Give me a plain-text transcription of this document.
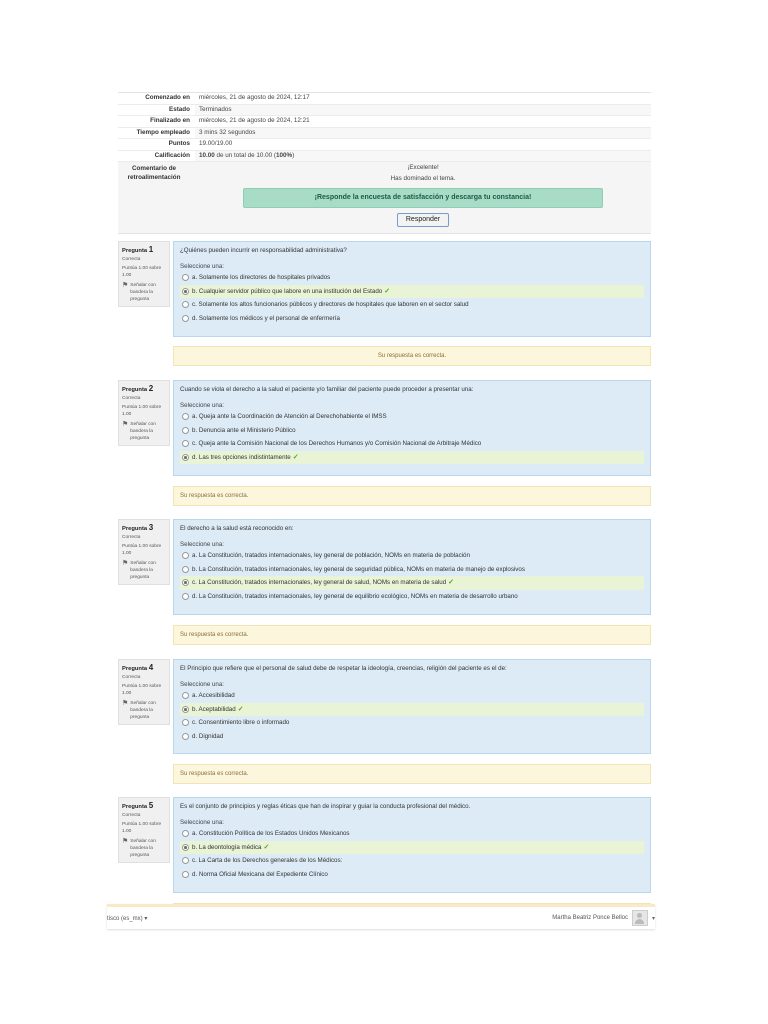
Comenzado en	miércoles, 21 de agosto de 2024, 12:17
Estado	Terminados
Finalizado en	miércoles, 21 de agosto de 2024, 12:21
Tiempo empleado	3 mins 32 segundos
Puntos	19.00/19.00
Calificación	10.00 de un total de 10.00 (100%)
Comentario de retroalimentación
¡Excelente!
Has dominado el tema.
¡Responde la encuesta de satisfacción y descarga tu constancia!
Responder
Pregunta 1
Correcta
Puntúa 1.00 sobre 1.00
⚑ Señalar con bandera la pregunta
¿Quiénes pueden incurrir en responsabilidad administrativa?
Seleccione una:
a. Solamente los directores de hospitales privados
b. Cualquier servidor público que labore en una institución del Estado ✓
c. Solamente los altos funcionarios públicos y directores de hospitales que laboren en el sector salud
d. Solamente los médicos y el personal de enfermería
Su respuesta es correcta.
Pregunta 2
Correcta
Puntúa 1.00 sobre 1.00
⚑ Señalar con bandera la pregunta
Cuando se viola el derecho a la salud el paciente y/o familiar del paciente puede proceder a presentar una:
Seleccione una:
a. Queja ante la Coordinación de Atención al Derechohabiente el IMSS
b. Denuncia ante el Ministerio Público
c. Queja ante la Comisión Nacional de los Derechos Humanos y/o Comisión Nacional de Arbitraje Médico
d. Las tres opciones indistintamente ✓
Su respuesta es correcta.
Pregunta 3
Correcta
Puntúa 1.00 sobre 1.00
⚑ Señalar con bandera la pregunta
El derecho a la salud está reconocido en:
Seleccione una:
a. La Constitución, tratados internacionales, ley general de población, NOMs en materia de población
b. La Constitución, tratados internacionales, ley general de seguridad pública, NOMs en materia de manejo de explosivos
c. La Constitución, tratados internacionales, ley general de salud, NOMs en materia de salud ✓
d. La Constitución, tratados internacionales, ley general de equilibrio ecológico, NOMs en materia de desarrollo urbano
Su respuesta es correcta.
Pregunta 4
Correcta
Puntúa 1.00 sobre 1.00
⚑ Señalar con bandera la pregunta
El Principio que refiere que el personal de salud debe de respetar la ideología, creencias, religión del paciente es el de:
Seleccione una:
a. Accesibilidad
b. Aceptabilidad ✓
c. Consentimiento libre o informado
d. Dignidad
Su respuesta es correcta.
Pregunta 5
Correcta
Puntúa 1.00 sobre 1.00
⚑ Señalar con bandera la pregunta
Es el conjunto de principios y reglas éticas que han de inspirar y guiar la conducta profesional del médico.
Seleccione una:
a. Constitución Política de los Estados Unidos Mexicanos
b. La deontología médica ✓
c. La Carta de los Derechos generales de los Médicos:
d. Norma Oficial Mexicana del Expediente Clínico
tisco (es_mx) ▾	Martha Beatriz Ponce Belloc	▾
